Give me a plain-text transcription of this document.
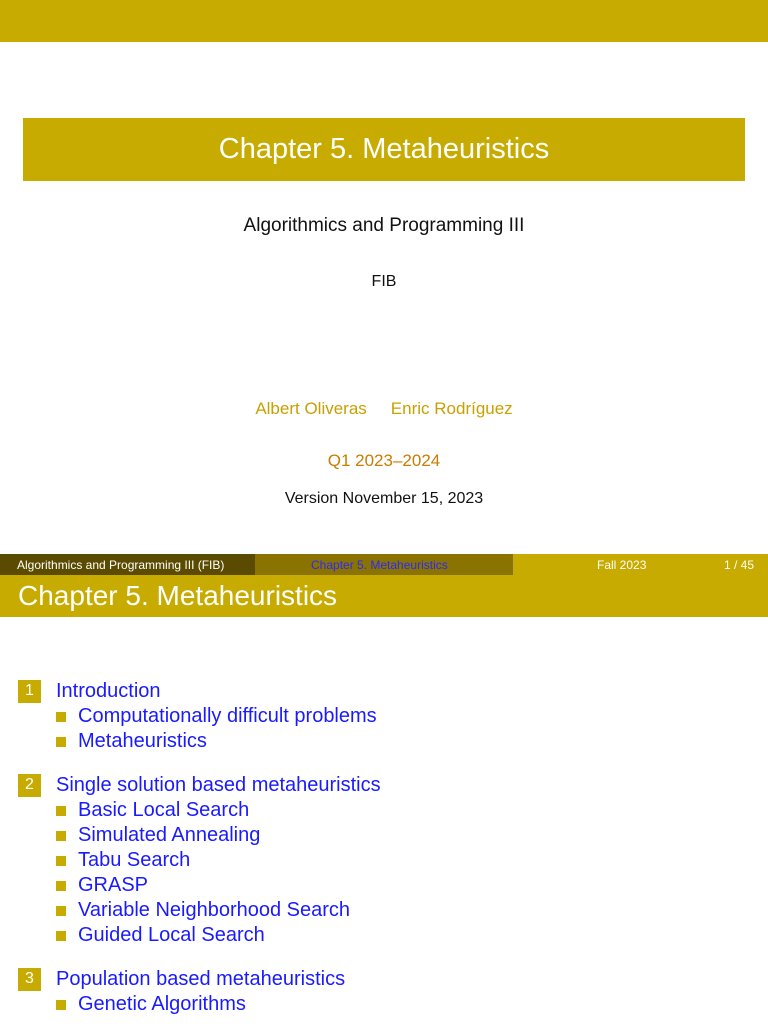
Chapter 5. Metaheuristics
Algorithmics and Programming III
FIB
Albert Oliveras Enric Rodríguez
Q1 2023–2024
Version November 15, 2023
Algorithmics and Programming III (FIB)	Chapter 5. Metaheuristics	Fall 2023	1 / 45
Chapter 5. Metaheuristics
1	Introduction
Computationally difficult problems
Metaheuristics
2	Single solution based metaheuristics
Basic Local Search
Simulated Annealing
Tabu Search
GRASP
Variable Neighborhood Search
Guided Local Search
3	Population based metaheuristics
Genetic Algorithms
